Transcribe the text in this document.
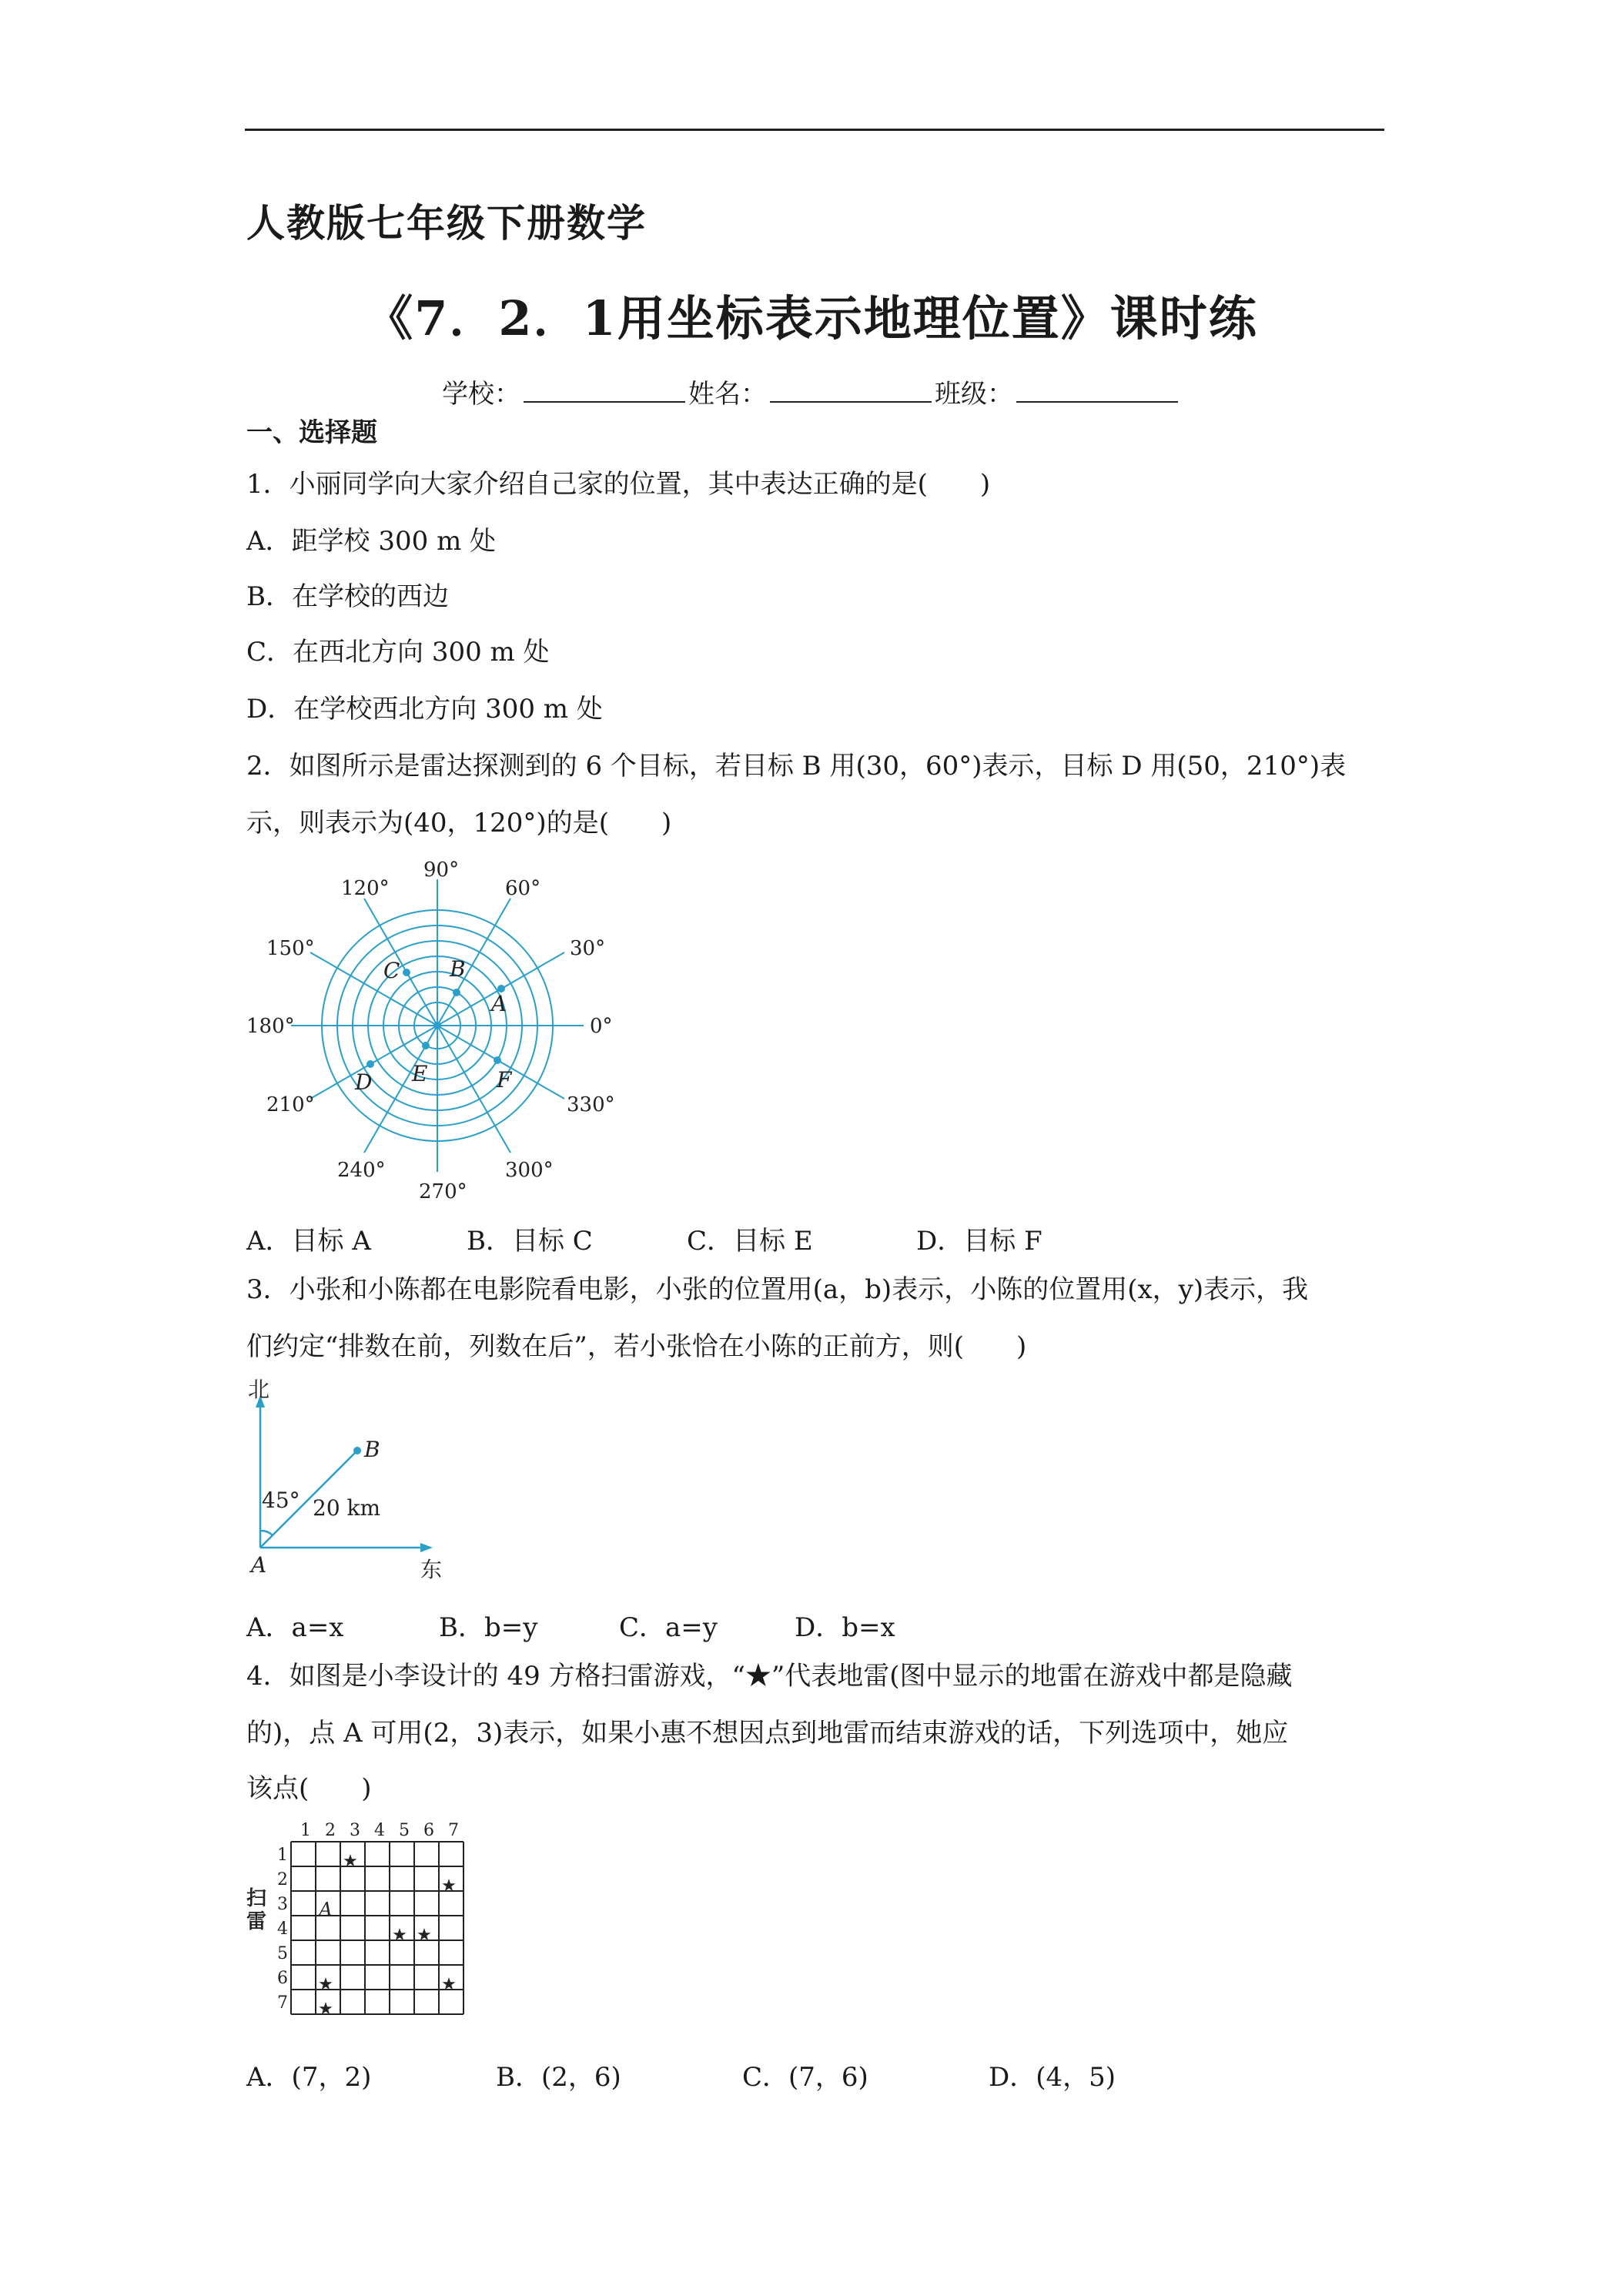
人教版七年级下册数学
《7．2．1用坐标表示地理位置》课时练
学校：	姓名：	班级：
一、选择题
1．小丽同学向大家介绍自己家的位置，其中表达正确的是(　　)
A．距学校 300 m 处
B．在学校的西边
C．在西北方向 300 m 处
D．在学校西北方向 300 m 处
2．如图所示是雷达探测到的 6 个目标，若目标 B 用(30，60°)表示，目标 D 用(50，210°)表
示，则表示为(40，120°)的是(　　)
A
B
C
D E	F
90°
120°	60°
150°	30°
180°	0°
210°	330°
240°	300°
270°
A．目标 A	B．目标 C	C．目标 E	D．目标 F
3．小张和小陈都在电影院看电影，小张的位置用(a，b)表示，小陈的位置用(x，y)表示，我
们约定“排数在前，列数在后”，若小张恰在小陈的正前方，则(　　)
北
东
A
B
45° 20 km
A．a=x	B．b=y	C．a=y	D．b=x
4．如图是小李设计的 49 方格扫雷游戏，“★”代表地雷(图中显示的地雷在游戏中都是隐藏
的)，点 A 可用(2，3)表示，如果小惠不想因点到地雷而结束游戏的话，下列选项中，她应
该点(　　)
1 2 3 4 5 6 7
1
2
3
4
5
6
7
扫
雷
★
★
★ ★
★	★
★
A
A．(7，2)	B．(2，6)	C．(7，6)	D．(4，5)
